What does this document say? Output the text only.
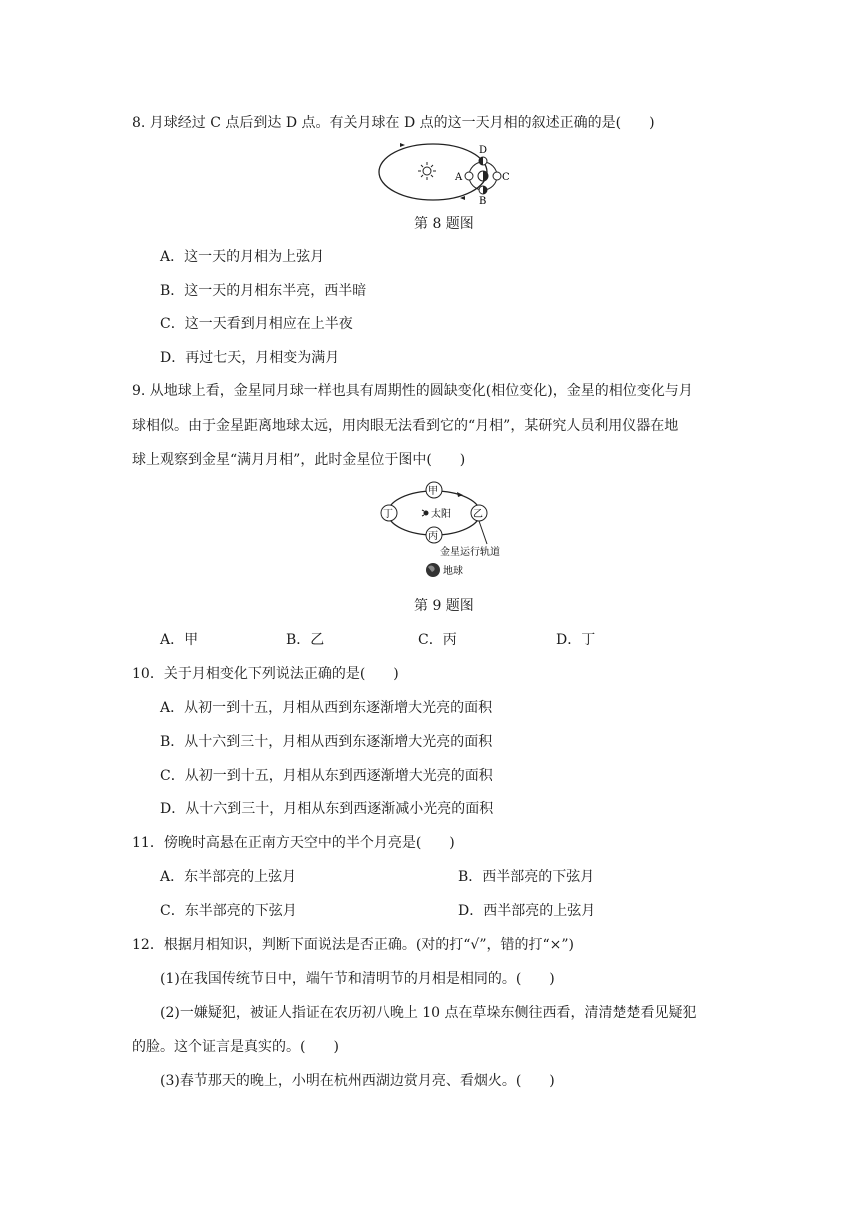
8. 月球经过 C 点后到达 D 点。有关月球在 D 点的这一天月相的叙述正确的是(　　)
D
B
A	C
第 8 题图
A．这一天的月相为上弦月
B．这一天的月相东半亮，西半暗
C．这一天看到月相应在上半夜
D．再过七天，月相变为满月
9. 从地球上看，金星同月球一样也具有周期性的圆缺变化(相位变化)，金星的相位变化与月
球相似。由于金星距离地球太远，用肉眼无法看到它的“月相”，某研究人员利用仪器在地
球上观察到金星“满月月相”，此时金星位于图中(　　)
甲
丙
丁	乙
太阳
金星运行轨道
地球
第 9 题图
A．甲	B．乙	C．丙	D．丁
10．关于月相变化下列说法正确的是(　　)
A．从初一到十五，月相从西到东逐渐增大光亮的面积
B．从十六到三十，月相从西到东逐渐增大光亮的面积
C．从初一到十五，月相从东到西逐渐增大光亮的面积
D．从十六到三十，月相从东到西逐渐减小光亮的面积
11．傍晚时高悬在正南方天空中的半个月亮是(　　)
A．东半部亮的上弦月	B．西半部亮的下弦月
C．东半部亮的下弦月	D．西半部亮的上弦月
12．根据月相知识，判断下面说法是否正确。(对的打“√”，错的打“×”)
(1)在我国传统节日中，端午节和清明节的月相是相同的。(　　)
(2)一嫌疑犯，被证人指证在农历初八晚上 10 点在草垛东侧往西看，清清楚楚看见疑犯
的脸。这个证言是真实的。(　　)
(3)春节那天的晚上，小明在杭州西湖边赏月亮、看烟火。(　　)
